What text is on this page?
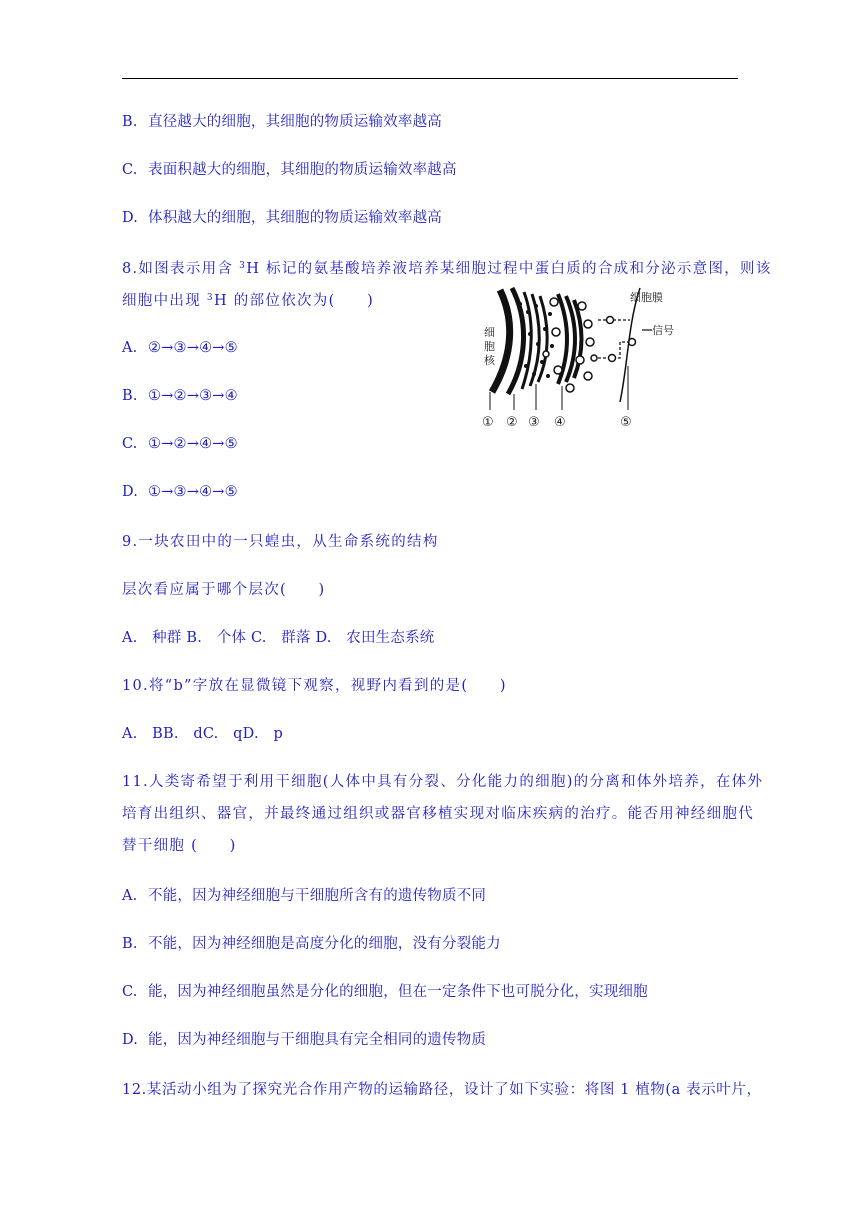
B. 直径越大的细胞，其细胞的物质运输效率越高
C. 表面积越大的细胞，其细胞的物质运输效率越高
D. 体积越大的细胞，其细胞的物质运输效率越高
8.如图表示用含 $^3$H 标记的氨基酸培养液培养某细胞过程中蛋白质的合成和分泌示意图，则该
细胞中出现 $^3$H 的部位依次为(　　)
A. ②→③→④→⑤
B. ①→②→③→④
C. ①→②→④→⑤
D. ①→③→④→⑤
细
胞
核
细胞膜
信号
① ② ③ ④	⑤
9.一块农田中的一只蝗虫，从生命系统的结构
层次看应属于哪个层次(　　)
A.　种群 B.　个体 C.　群落 D.　农田生态系统
10.将“b”字放在显微镜下观察，视野内看到的是(　　)
A.　BB.　dC.　qD.　p
11.人类寄希望于利用干细胞(人体中具有分裂、分化能力的细胞)的分离和体外培养，在体外
培育出组织、器官，并最终通过组织或器官移植实现对临床疾病的治疗。能否用神经细胞代
替干细胞 (　　)
A. 不能，因为神经细胞与干细胞所含有的遗传物质不同
B. 不能，因为神经细胞是高度分化的细胞，没有分裂能力
C. 能，因为神经细胞虽然是分化的细胞，但在一定条件下也可脱分化，实现细胞
D. 能，因为神经细胞与干细胞具有完全相同的遗传物质
12.某活动小组为了探究光合作用产物的运输路径，设计了如下实验：将图 1 植物(a 表示叶片，
